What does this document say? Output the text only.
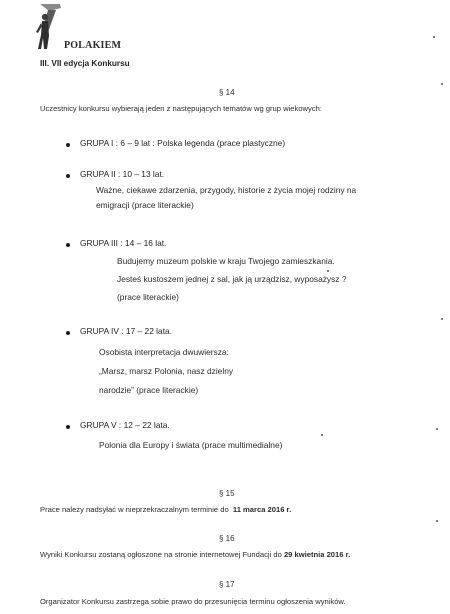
POLAKIEM
III. VII edycja Konkursu
§ 14
Uczestnicy konkursu wybierają jeden z następujących tematów wg grup wiekowych:
GRUPA I : 6 – 9 lat : Polska legenda (prace plastyczne)
GRUPA II : 10 – 13 lat.
Ważne, ciekawe zdarzenia, przygody, historie z życia mojej rodziny na
emigracji (prace literackie)
GRUPA III : 14 – 16 lat.
Budujemy muzeum polskie w kraju Twojego zamieszkania.
Jesteś kustoszem jednej z sal, jak ją urządzisz, wyposażysz ?
(prace literackie)
GRUPA IV : 17 – 22 lata.
Osobista interpretacja dwuwiersza:
„Marsz, marsz Polonia, nasz dzielny
narodzie” (prace literackie)
GRUPA V : 12 – 22 lata.
Polonia dla Europy i świata (prace multimedialne)
§ 15
Prace należy nadsyłać w nieprzekraczalnym terminie do 11 marca 2016 r.
§ 16
Wyniki Konkursu zostaną ogłoszone na stronie internetowej Fundacji do 29 kwietnia 2016 r.
§ 17
Organizator Konkursu zastrzega sobie prawo do przesunięcia terminu ogłoszenia wyników.
